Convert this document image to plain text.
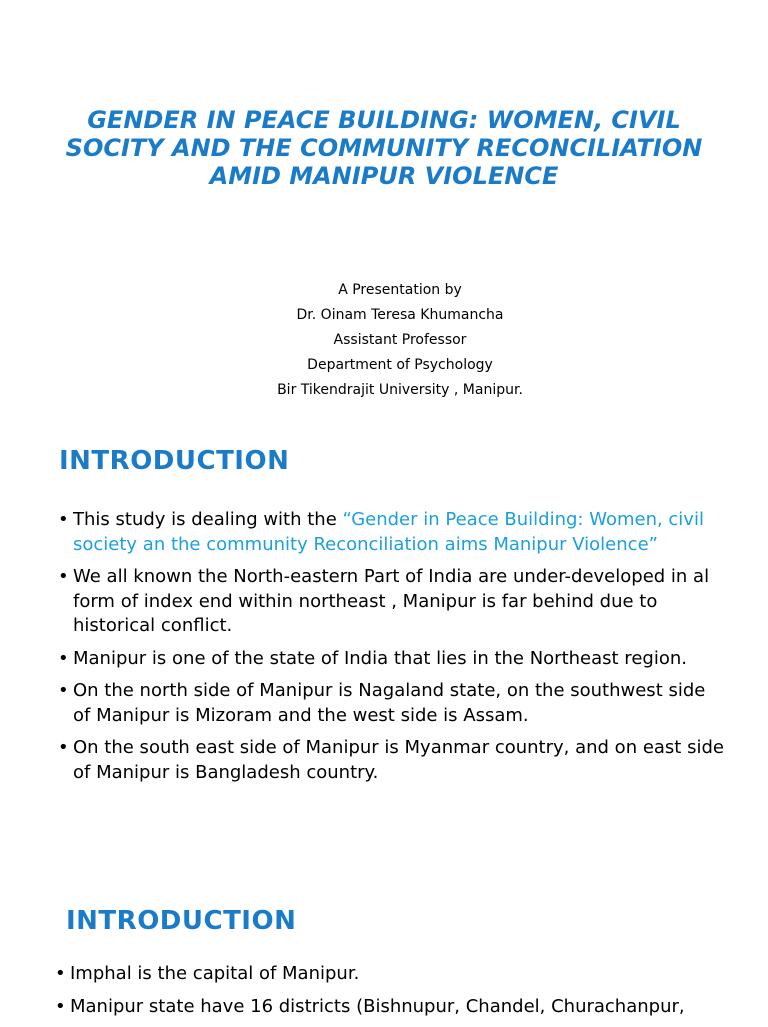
GENDER IN PEACE BUILDING: WOMEN, CIVIL SOCITY AND THE COMMUNITY RECONCILIATION AMID MANIPUR VIOLENCE
A Presentation by
Dr. Oinam Teresa Khumancha
Assistant Professor
Department of Psychology
Bir Tikendrajit University , Manipur.
INTRODUCTION
• This study is dealing with the “Gender in Peace Building: Women, civil society an the community Reconciliation aims Manipur Violence”
• We all known the North-eastern Part of India are under-developed in al form of index end within northeast , Manipur is far behind due to historical conflict.
• Manipur is one of the state of India that lies in the Northeast region.
• On the north side of Manipur is Nagaland state, on the southwest side of Manipur is Mizoram and the west side is Assam.
• On the south east side of Manipur is Myanmar country, and on east side of Manipur is Bangladesh country.
INTRODUCTION
• Imphal is the capital of Manipur.
• Manipur state have 16 districts (Bishnupur, Chandel, Churachanpur,
